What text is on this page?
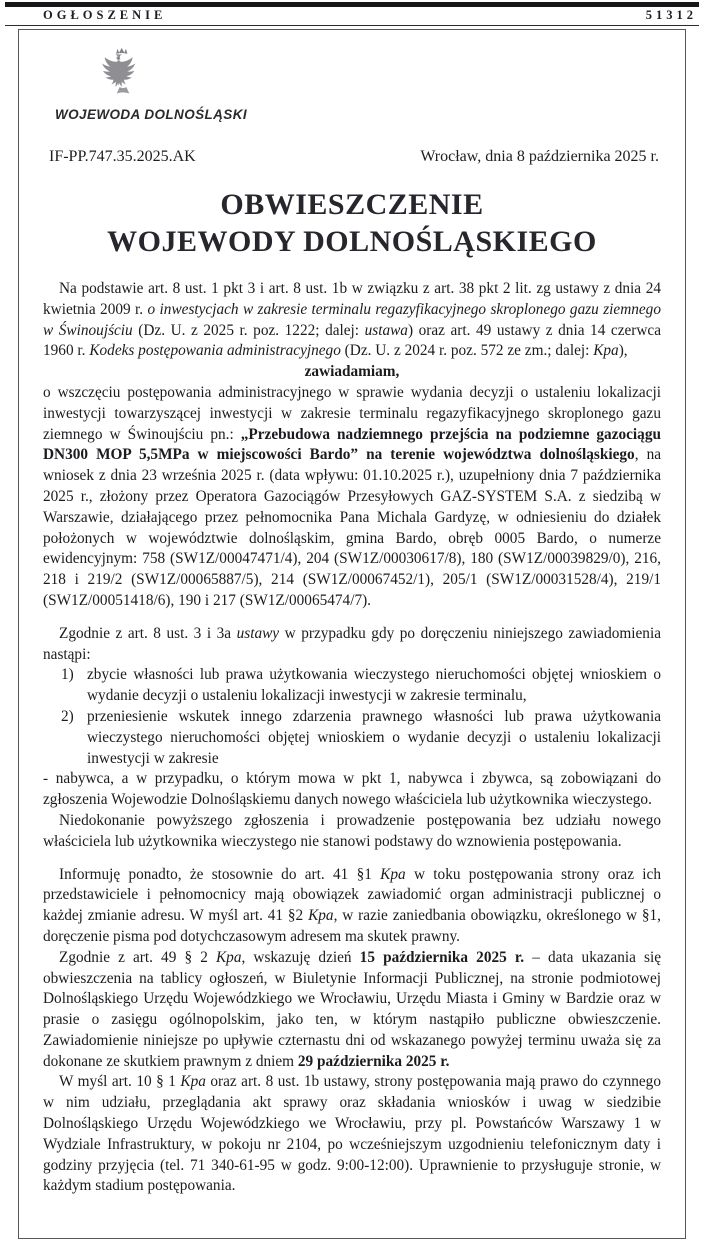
OGŁOSZENIE	51312
WOJEWODA DOLNOŚLĄSKI
IF-PP.747.35.2025.AK	Wrocław, dnia 8 października 2025 r.
OBWIESZCZENIE
WOJEWODY DOLNOŚLĄSKIEGO

Na podstawie art. 8 ust. 1 pkt 3 i art. 8 ust. 1b w związku z art. 38 pkt 2 lit. zg ustawy z dnia 24 kwietnia 2009 r. o inwestycjach w zakresie terminalu regazyfikacyjnego skroplonego gazu ziemnego w Świnoujściu (Dz. U. z 2025 r. poz. 1222; dalej: ustawa) oraz art. 49 ustawy z dnia 14 czerwca 1960 r. Kodeks postępowania administracyjnego (Dz. U. z 2024 r. poz. 572 ze zm.; dalej: Kpa),

zawiadamiam,

o wszczęciu postępowania administracyjnego w sprawie wydania decyzji o ustaleniu lokalizacji inwestycji towarzyszącej inwestycji w zakresie terminalu regazyfikacyjnego skroplonego gazu ziemnego w Świnoujściu pn.: „Przebudowa nadziemnego przejścia na podziemne gazociągu DN300 MOP 5,5MPa w miejscowości Bardo” na terenie województwa dolnośląskiego, na wniosek z dnia 23 września 2025 r. (data wpływu: 01.10.2025 r.), uzupełniony dnia 7 października 2025 r., złożony przez Operatora Gazociągów Przesyłowych GAZ-SYSTEM S.A. z siedzibą w Warszawie, działającego przez pełnomocnika Pana Michala Gardyzę, w odniesieniu do działek położonych w województwie dolnośląskim, gmina Bardo, obręb 0005 Bardo, o numerze ewidencyjnym: 758 (SW1Z/00047471/4), 204 (SW1Z/00030617/8), 180 (SW1Z/00039829/0), 216, 218 i 219/2 (SW1Z/00065887/5), 214 (SW1Z/00067452/1), 205/1 (SW1Z/00031528/4), 219/1 (SW1Z/00051418/6), 190 i 217 (SW1Z/00065474/7).

Zgodnie z art. 8 ust. 3 i 3a ustawy w przypadku gdy po doręczeniu niniejszego zawiadomienia nastąpi:

1) zbycie własności lub prawa użytkowania wieczystego nieruchomości objętej wnioskiem o wydanie decyzji o ustaleniu lokalizacji inwestycji w zakresie terminalu,
2) przeniesienie wskutek innego zdarzenia prawnego własności lub prawa użytkowania wieczystego nieruchomości objętej wnioskiem o wydanie decyzji o ustaleniu lokalizacji inwestycji w zakresie

- nabywca, a w przypadku, o którym mowa w pkt 1, nabywca i zbywca, są zobowiązani do zgłoszenia Wojewodzie Dolnośląskiemu danych nowego właściciela lub użytkownika wieczystego.

Niedokonanie powyższego zgłoszenia i prowadzenie postępowania bez udziału nowego właściciela lub użytkownika wieczystego nie stanowi podstawy do wznowienia postępowania.

Informuję ponadto, że stosownie do art. 41 §1 Kpa w toku postępowania strony oraz ich przedstawiciele i pełnomocnicy mają obowiązek zawiadomić organ administracji publicznej o każdej zmianie adresu. W myśl art. 41 §2 Kpa, w razie zaniedbania obowiązku, określonego w §1, doręczenie pisma pod dotychczasowym adresem ma skutek prawny.

Zgodnie z art. 49 § 2 Kpa, wskazuję dzień 15 października 2025 r. – data ukazania się obwieszczenia na tablicy ogłoszeń, w Biuletynie Informacji Publicznej, na stronie podmiotowej Dolnośląskiego Urzędu Wojewódzkiego we Wrocławiu, Urzędu Miasta i Gminy w Bardzie oraz w prasie o zasięgu ogólnopolskim, jako ten, w którym nastąpiło publiczne obwieszczenie. Zawiadomienie niniejsze po upływie czternastu dni od wskazanego powyżej terminu uważa się za dokonane ze skutkiem prawnym z dniem 29 października 2025 r.

W myśl art. 10 § 1 Kpa oraz art. 8 ust. 1b ustawy, strony postępowania mają prawo do czynnego w nim udziału, przeglądania akt sprawy oraz składania wniosków i uwag w siedzibie Dolnośląskiego Urzędu Wojewódzkiego we Wrocławiu, przy pl. Powstańców Warszawy 1 w Wydziale Infrastruktury, w pokoju nr 2104, po wcześniejszym uzgodnieniu telefonicznym daty i godziny przyjęcia (tel. 71 340-61-95 w godz. 9:00-12:00). Uprawnienie to przysługuje stronie, w każdym stadium postępowania.
